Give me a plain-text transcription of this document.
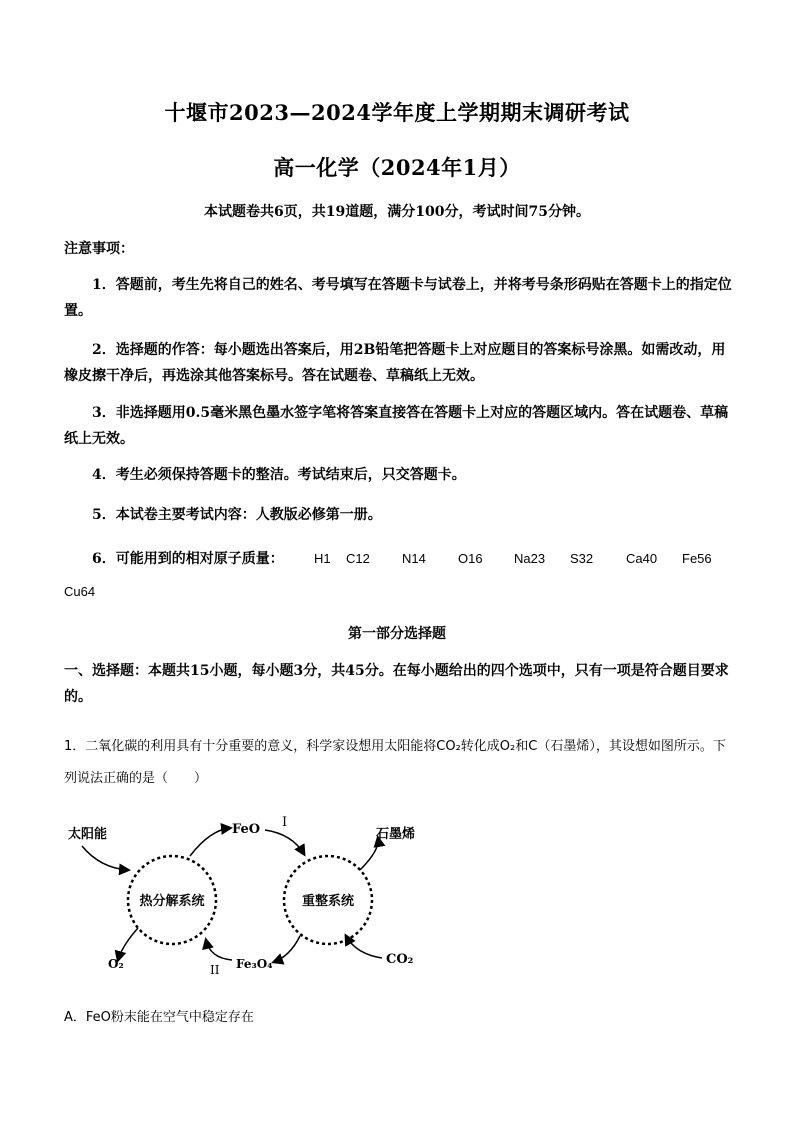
十堰市2023—2024学年度上学期期末调研考试
高一化学（2024年1月）
本试题卷共6页，共19道题，满分100分，考试时间75分钟。
注意事项：
1．答题前，考生先将自己的姓名、考号填写在答题卡与试卷上，并将考号条形码贴在答题卡上的指定位置。
2．选择题的作答：每小题选出答案后，用2B铅笔把答题卡上对应题目的答案标号涂黑。如需改动，用橡皮擦干净后，再选涂其他答案标号。答在试题卷、草稿纸上无效。
3．非选择题用0.5毫米黑色墨水签字笔将答案直接答在答题卡上对应的答题区域内。答在试题卷、草稿纸上无效。
4．考生必须保持答题卡的整洁。考试结束后，只交答题卡。
5．本试卷主要考试内容：人教版必修第一册。
6．可能用到的相对原子质量： H1 C12 N14 O16 Na23 S32	Ca40 Fe56
Cu64
第一部分选择题
一、选择题：本题共15小题，每小题3分，共45分。在每小题给出的四个选项中，只有一项是符合题目要求的。
1．二氧化碳的利用具有十分重要的意义，科学家设想用太阳能将CO₂转化成O₂和C（石墨烯），其设想如图所示。下列说法正确的是（　　）
热分解系统	重整系统
太阳能	FeO I
石墨烯
O₂	II Fe₃O₄	CO₂
A．FeO粉末能在空气中稳定存在
